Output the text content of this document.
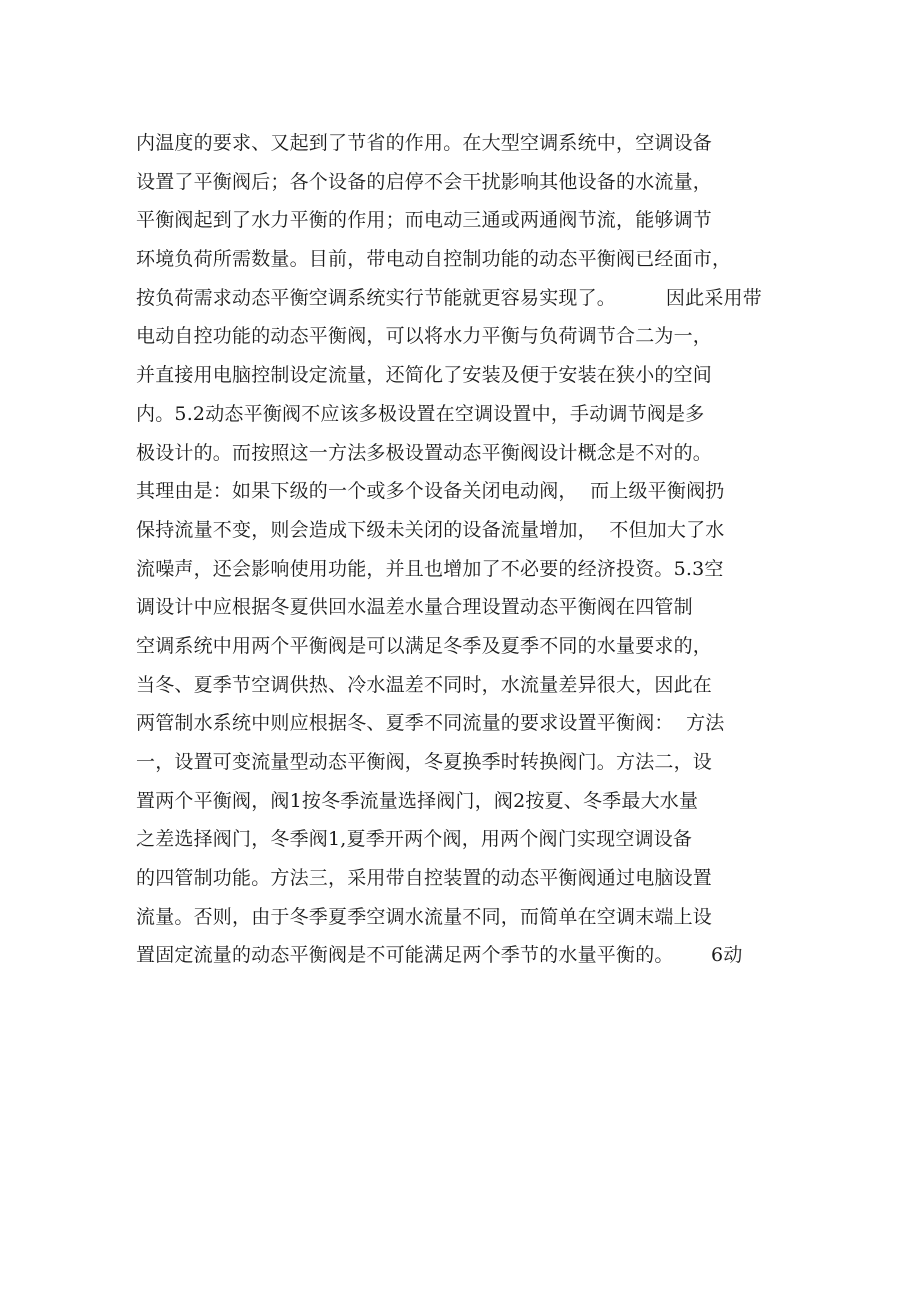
内温度的要求、又起到了节省的作用。在大型空调系统中，空调设备
设置了平衡阀后；各个设备的启停不会干扰影响其他设备的水流量，
平衡阀起到了水力平衡的作用；而电动三通或两通阀节流，能够调节
环境负荷所需数量。目前，带电动自控制功能的动态平衡阀已经面市，
按负荷需求动态平衡空调系统实行节能就更容易实现了。        因此采用带
电动自控功能的动态平衡阀，可以将水力平衡与负荷调节合二为一，
并直接用电脑控制设定流量，还简化了安装及便于安装在狭小的空间
内。5.2动态平衡阀不应该多极设置在空调设置中，手动调节阀是多
极设计的。而按照这一方法多极设置动态平衡阀设计概念是不对的。
其理由是：如果下级的一个或多个设备关闭电动阀，  而上级平衡阀扔
保持流量不变，则会造成下级未关闭的设备流量增加，  不但加大了水
流噪声，还会影响使用功能，并且也增加了不必要的经济投资。5.3空
调设计中应根据冬夏供回水温差水量合理设置动态平衡阀在四管制
空调系统中用两个平衡阀是可以满足冬季及夏季不同的水量要求的，
当冬、夏季节空调供热、冷水温差不同时，水流量差异很大，因此在
两管制水系统中则应根据冬、夏季不同流量的要求设置平衡阀：  方法
一，设置可变流量型动态平衡阀，冬夏换季时转换阀门。方法二，设
置两个平衡阀，阀1按冬季流量选择阀门，阀2按夏、冬季最大水量
之差选择阀门，冬季阀1,夏季开两个阀，用两个阀门实现空调设备
的四管制功能。方法三，采用带自控装置的动态平衡阀通过电脑设置
流量。否则，由于冬季夏季空调水流量不同，而简单在空调末端上设
置固定流量的动态平衡阀是不可能满足两个季节的水量平衡的。      6动
